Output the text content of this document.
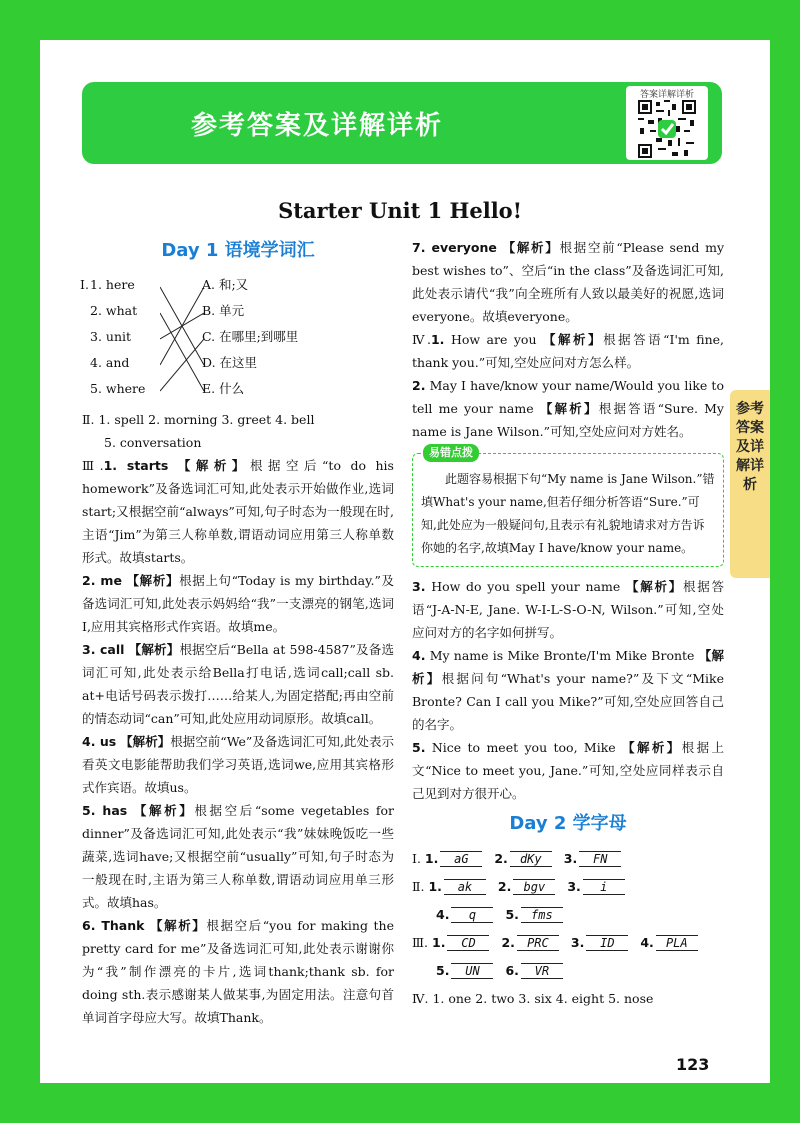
参考答案及详解详析
答案详解详析
Starter Unit 1 Hello!
Day 1 语境学词汇
Ⅰ. 1. here	A. 和;又
2. what	B. 单元
3. unit	C. 在哪里;到哪里
4. and	D. 在这里
5. where	E. 什么
Ⅱ. 1. spell 2. morning 3. greet 4. bell
5. conversation
Ⅲ.1. starts 【解析】根据空后“to do his homework”及备选词汇可知,此处表示开始做作业,选词start;又根据空前“always”可知,句子时态为一般现在时,主语“Jim”为第三人称单数,谓语动词应用第三人称单数形式。故填starts。
2. me 【解析】根据上句“Today is my birthday.”及备选词汇可知,此处表示妈妈给“我”一支漂亮的钢笔,选词I,应用其宾格形式作宾语。故填me。
3. call 【解析】根据空后“Bella at 598-4587”及备选词汇可知,此处表示给Bella打电话,选词call;call sb. at+电话号码表示拨打……给某人,为固定搭配;再由空前的情态动词“can”可知,此处应用动词原形。故填call。
4. us 【解析】根据空前“We”及备选词汇可知,此处表示看英文电影能帮助我们学习英语,选词we,应用其宾格形式作宾语。故填us。
5. has 【解析】根据空后“some vegetables for dinner”及备选词汇可知,此处表示“我”妹妹晚饭吃一些蔬菜,选词have;又根据空前“usually”可知,句子时态为一般现在时,主语为第三人称单数,谓语动词应用单三形式。故填has。
6. Thank 【解析】根据空后“you for making the pretty card for me”及备选词汇可知,此处表示谢谢你为“我”制作漂亮的卡片,选词thank;thank sb. for doing sth.表示感谢某人做某事,为固定用法。注意句首单词首字母应大写。故填Thank。
7. everyone 【解析】根据空前“Please send my best wishes to”、空后“in the class”及备选词汇可知,此处表示请代“我”向全班所有人致以最美好的祝愿,选词everyone。故填everyone。
Ⅳ.1. How are you 【解析】根据答语“I'm fine, thank you.”可知,空处应问对方怎么样。
2. May I have/know your name/Would you like to tell me your name 【解析】根据答语“Sure. My name is Jane Wilson.”可知,空处应问对方姓名。
易错点拨
此题容易根据下句“My name is Jane Wilson.”错填What's your name,但若仔细分析答语“Sure.”可知,此处应为一般疑问句,且表示有礼貌地请求对方告诉你她的名字,故填May I have/know your name。
3. How do you spell your name 【解析】根据答语“J-A-N-E, Jane. W-I-L-S-O-N, Wilson.”可知,空处应问对方的名字如何拼写。
4. My name is Mike Bronte/I'm Mike Bronte 【解析】根据问句“What's your name?”及下文“Mike Bronte? Can I call you Mike?”可知,空处应回答自己的名字。
5. Nice to meet you too, Mike 【解析】根据上文“Nice to meet you, Jane.”可知,空处应同样表示自己见到对方很开心。
Day 2 学字母
Ⅰ. 1. aG 2. dKy 3. FN
Ⅱ. 1. ak 2. bgv 3. i
4. q 5. fms
Ⅲ. 1. CD 2. PRC 3. ID 4. PLA
5. UN 6. VR
Ⅳ. 1. one 2. two 3. six 4. eight 5. nose
参考答案及详解详析
123
